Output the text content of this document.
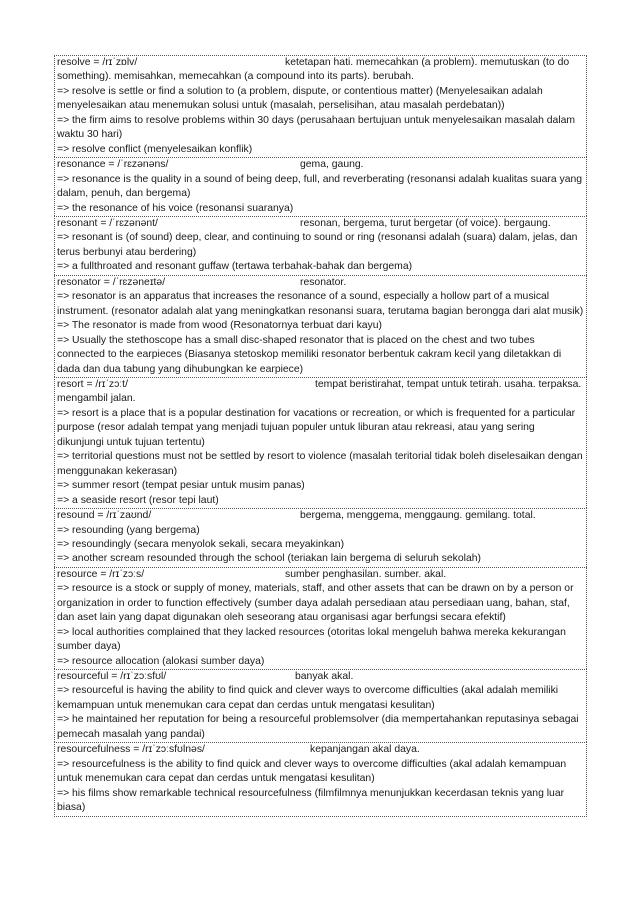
resolve = /rɪˈzɒlv/	ketetapan hati. memecahkan (a problem). memutuskan (to do
something). memisahkan, memecahkan (a compound into its parts). berubah.
=> resolve is settle or find a solution to (a problem, dispute, or contentious matter) (Menyelesaikan adalah menyelesaikan atau menemukan solusi untuk (masalah, perselisihan, atau masalah perdebatan))
=> the firm aims to resolve problems within 30 days (perusahaan bertujuan untuk menyelesaikan masalah dalam waktu 30 hari)
=> resolve conflict (menyelesaikan konflik)
resonance = /ˈrɛzənəns/	gema, gaung.
=> resonance is the quality in a sound of being deep, full, and reverberating (resonansi adalah kualitas suara yang dalam, penuh, dan bergema)
=> the resonance of his voice (resonansi suaranya)
resonant = /ˈrɛzənənt/	resonan, bergema, turut bergetar (of voice). bergaung.
=> resonant is (of sound) deep, clear, and continuing to sound or ring (resonansi adalah (suara) dalam, jelas, dan terus berbunyi atau berdering)
=> a fullthroated and resonant guffaw (tertawa terbahak-bahak dan bergema)
resonator = /ˈrɛzəneɪtə/	resonator.
=> resonator is an apparatus that increases the resonance of a sound, especially a hollow part of a musical instrument. (resonator adalah alat yang meningkatkan resonansi suara, terutama bagian berongga dari alat musik)
=> The resonator is made from wood (Resonatornya terbuat dari kayu)
=> Usually the stethoscope has a small disc-shaped resonator that is placed on the chest and two tubes connected to the earpieces (Biasanya stetoskop memiliki resonator berbentuk cakram kecil yang diletakkan di dada dan dua tabung yang dihubungkan ke earpiece)
resort = /rɪˈzɔːt/	tempat beristirahat, tempat untuk tetirah. usaha. terpaksa.
mengambil jalan.
=> resort is a place that is a popular destination for vacations or recreation, or which is frequented for a particular purpose (resor adalah tempat yang menjadi tujuan populer untuk liburan atau rekreasi, atau yang sering dikunjungi untuk tujuan tertentu)
=> territorial questions must not be settled by resort to violence (masalah teritorial tidak boleh diselesaikan dengan menggunakan kekerasan)
=> summer resort (tempat pesiar untuk musim panas)
=> a seaside resort (resor tepi laut)
resound = /rɪˈzaʊnd/	bergema, menggema, menggaung. gemilang. total.
=> resounding (yang bergema)
=> resoundingly (secara menyolok sekali, secara meyakinkan)
=> another scream resounded through the school (teriakan lain bergema di seluruh sekolah)
resource = /rɪˈzɔːs/	sumber penghasilan. sumber. akal.
=> resource is a stock or supply of money, materials, staff, and other assets that can be drawn on by a person or organization in order to function effectively (sumber daya adalah persediaan atau persediaan uang, bahan, staf, dan aset lain yang dapat digunakan oleh seseorang atau organisasi agar berfungsi secara efektif)
=> local authorities complained that they lacked resources (otoritas lokal mengeluh bahwa mereka kekurangan sumber daya)
=> resource allocation (alokasi sumber daya)
resourceful = /rɪˈzɔːsfʊl/	banyak akal.
=> resourceful is having the ability to find quick and clever ways to overcome difficulties (akal adalah memiliki kemampuan untuk menemukan cara cepat dan cerdas untuk mengatasi kesulitan)
=> he maintained her reputation for being a resourceful problemsolver (dia mempertahankan reputasinya sebagai pemecah masalah yang pandai)
resourcefulness = /rɪˈzɔːsfʊlnəs/	kepanjangan akal daya.
=> resourcefulness is the ability to find quick and clever ways to overcome difficulties (akal adalah kemampuan untuk menemukan cara cepat dan cerdas untuk mengatasi kesulitan)
=> his films show remarkable technical resourcefulness (filmfilmnya menunjukkan kecerdasan teknis yang luar biasa)
